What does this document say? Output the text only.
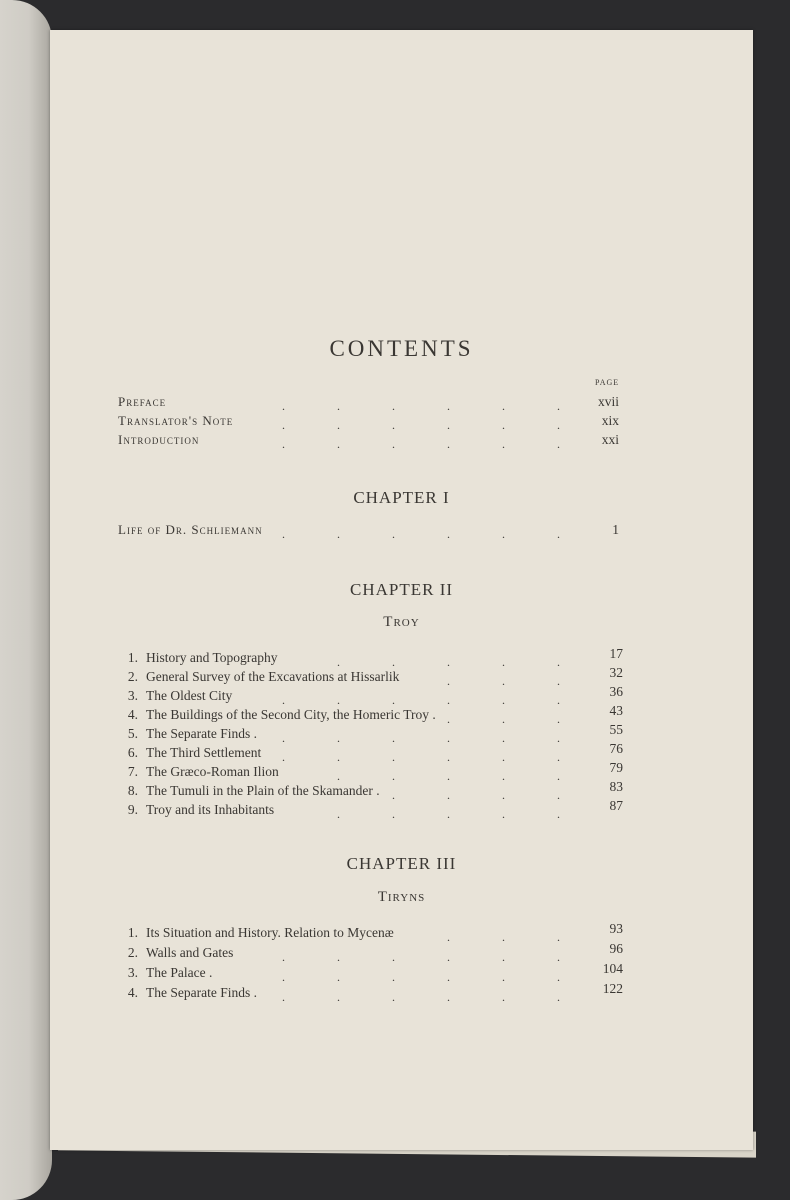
CONTENTS
PAGE
Preface	xvii
.	.	.	.	.	.
Translator's Note	xix
.	.	.	.	.	.
Introduction	xxi
.	.	.	.	.	.
CHAPTER I
Life of Dr. Schliemann	1
.	.	.	.	.	.
CHAPTER II
Troy
1. History and Topography	17
.	.	.	.	.
2. General Survey of the Excavations at Hissarlik	32
.	.	.
3. The Oldest City	36
.	.	.	.	.	.
4. The Buildings of the Second City, the Homeric Troy .	43
.	.	.
5. The Separate Finds .	55
.	.	.	.	.	.
6. The Third Settlement	76
.	.	.	.	.	.
7. The Græco-Roman Ilion	79
.	.	.	.	.
8. The Tumuli in the Plain of the Skamander .	83
.	.	.	.
9. Troy and its Inhabitants	87
.	.	.	.	.
CHAPTER III
Tiryns
1. Its Situation and History. Relation to Mycenæ	93
.	.	.
2. Walls and Gates	96
.	.	.	.	.	.
3. The Palace .	104
.	.	.	.	.	.
4. The Separate Finds .	122
.	.	.	.	.	.
